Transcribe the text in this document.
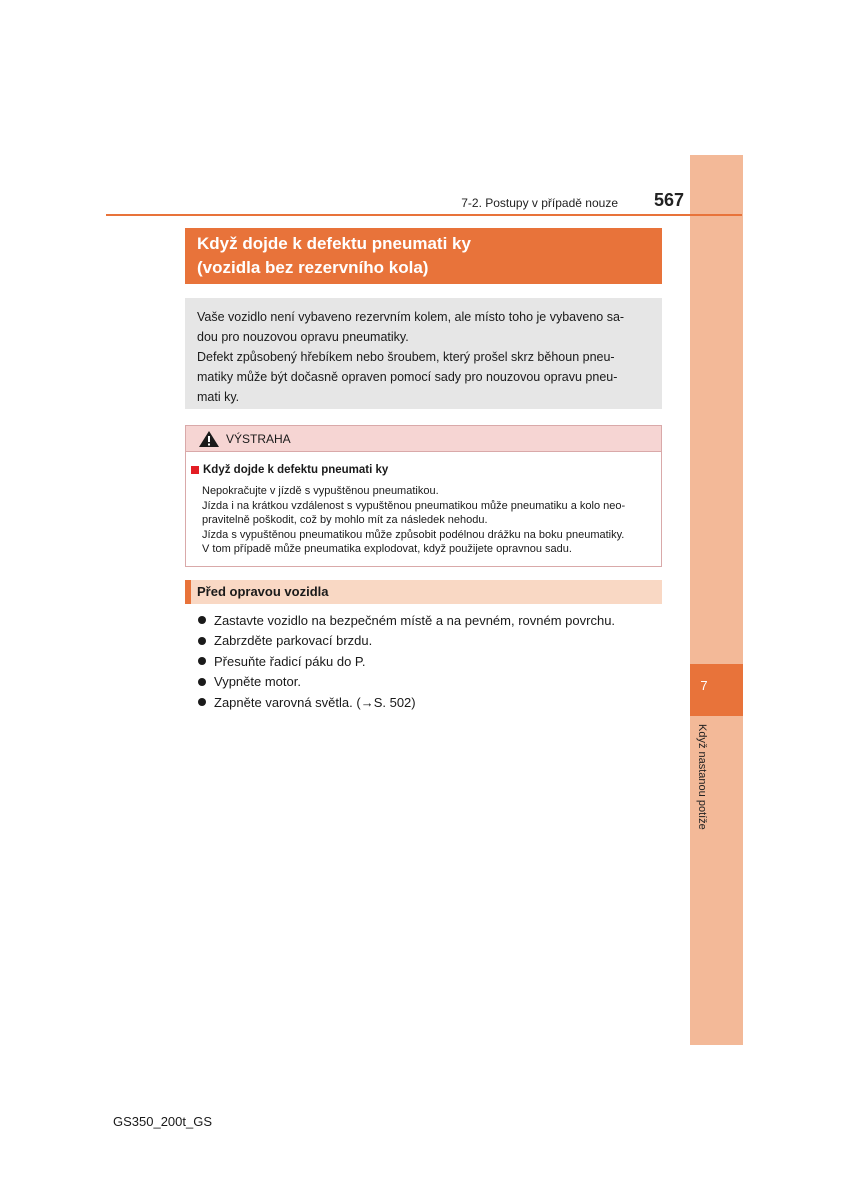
7
Když nastanou potíže
7-2. Postupy v případě nouze	567
Když dojde k defektu pneumati ky
(vozidla bez rezervního kola)
Vaše vozidlo není vybaveno rezervním kolem, ale místo toho je vybaveno sa-
dou pro nouzovou opravu pneumatiky.
Defekt způsobený hřebíkem nebo šroubem, který prošel skrz běhoun pneu-
matiky může být dočasně opraven pomocí sady pro nouzovou opravu pneu-
mati ky.
VÝSTRAHA
Když dojde k defektu pneumati ky
Nepokračujte v jízdě s vypuštěnou pneumatikou.
Jízda i na krátkou vzdálenost s vypuštěnou pneumatikou může pneumatiku a kolo neo-
pravitelně poškodit, což by mohlo mít za následek nehodu.
Jízda s vypuštěnou pneumatikou může způsobit podélnou drážku na boku pneumatiky.
V tom případě může pneumatika explodovat, když použijete opravnou sadu.
Před opravou vozidla
Zastavte vozidlo na bezpečném místě a na pevném, rovném povrchu.
Zabrzděte parkovací brzdu.
Přesuňte řadicí páku do P.
Vypněte motor.
Zapněte varovná světla. (→S. 502)
GS350_200t_GS
